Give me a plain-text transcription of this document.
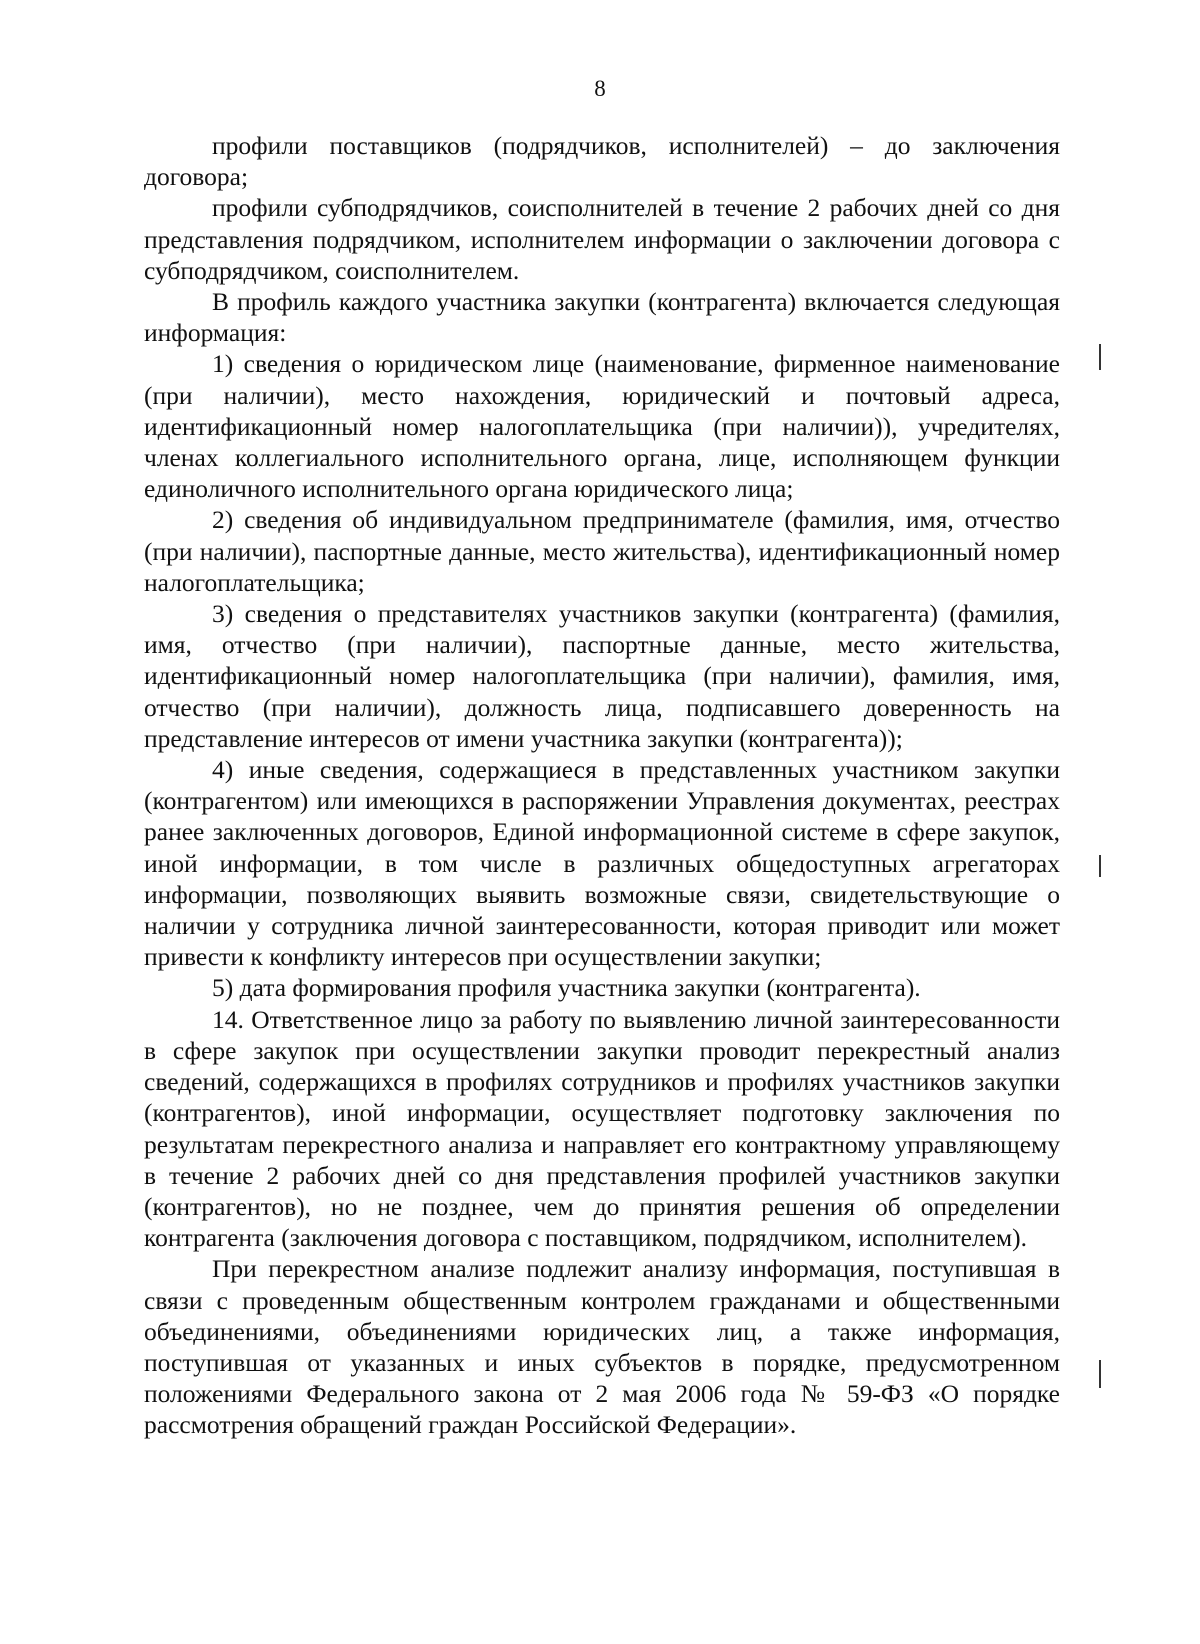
8

профили поставщиков (подрядчиков, исполнителей) – до заключения договора;

профили субподрядчиков, соисполнителей в течение 2 рабочих дней со дня представления подрядчиком, исполнителем информации о заключении договора с субподрядчиком, соисполнителем.

В профиль каждого участника закупки (контрагента) включается следующая информация:

1) сведения о юридическом лице (наименование, фирменное наименование (при наличии), место нахождения, юридический и почтовый адреса, идентификационный номер налогоплательщика (при наличии)), учредителях, членах коллегиального исполнительного органа, лице, исполняющем функции единоличного исполнительного органа юридического лица;

2) сведения об индивидуальном предпринимателе (фамилия, имя, отчество (при наличии), паспортные данные, место жительства), идентификационный номер налогоплательщика;

3) сведения о представителях участников закупки (контрагента) (фамилия, имя, отчество (при наличии), паспортные данные, место жительства, идентификационный номер налогоплательщика (при наличии), фамилия, имя, отчество (при наличии), должность лица, подписавшего доверенность на представление интересов от имени участника закупки (контрагента));

4) иные сведения, содержащиеся в представленных участником закупки (контрагентом) или имеющихся в распоряжении Управления документах, реестрах ранее заключенных договоров, Единой информационной системе в сфере закупок, иной информации, в том числе в различных общедоступных агрегаторах информации, позволяющих выявить возможные связи, свидетельствующие о наличии у сотрудника личной заинтересованности, которая приводит или может привести к конфликту интересов при осуществлении закупки;

5) дата формирования профиля участника закупки (контрагента).

14. Ответственное лицо за работу по выявлению личной заинтересованности в сфере закупок при осуществлении закупки проводит перекрестный анализ сведений, содержащихся в профилях сотрудников и профилях участников закупки (контрагентов), иной информации, осуществляет подготовку заключения по результатам перекрестного анализа и направляет его контрактному управляющему в течение 2 рабочих дней со дня представления профилей участников закупки (контрагентов), но не позднее, чем до принятия решения об определении контрагента (заключения договора с поставщиком, подрядчиком, исполнителем).

При перекрестном анализе подлежит анализу информация, поступившая в связи с проведенным общественным контролем гражданами и общественными объединениями, объединениями юридических лиц, а также информация, поступившая от указанных и иных субъектов в порядке, предусмотренном положениями Федерального закона от 2 мая 2006 года № 59-ФЗ «О порядке рассмотрения обращений граждан Российской Федерации».
